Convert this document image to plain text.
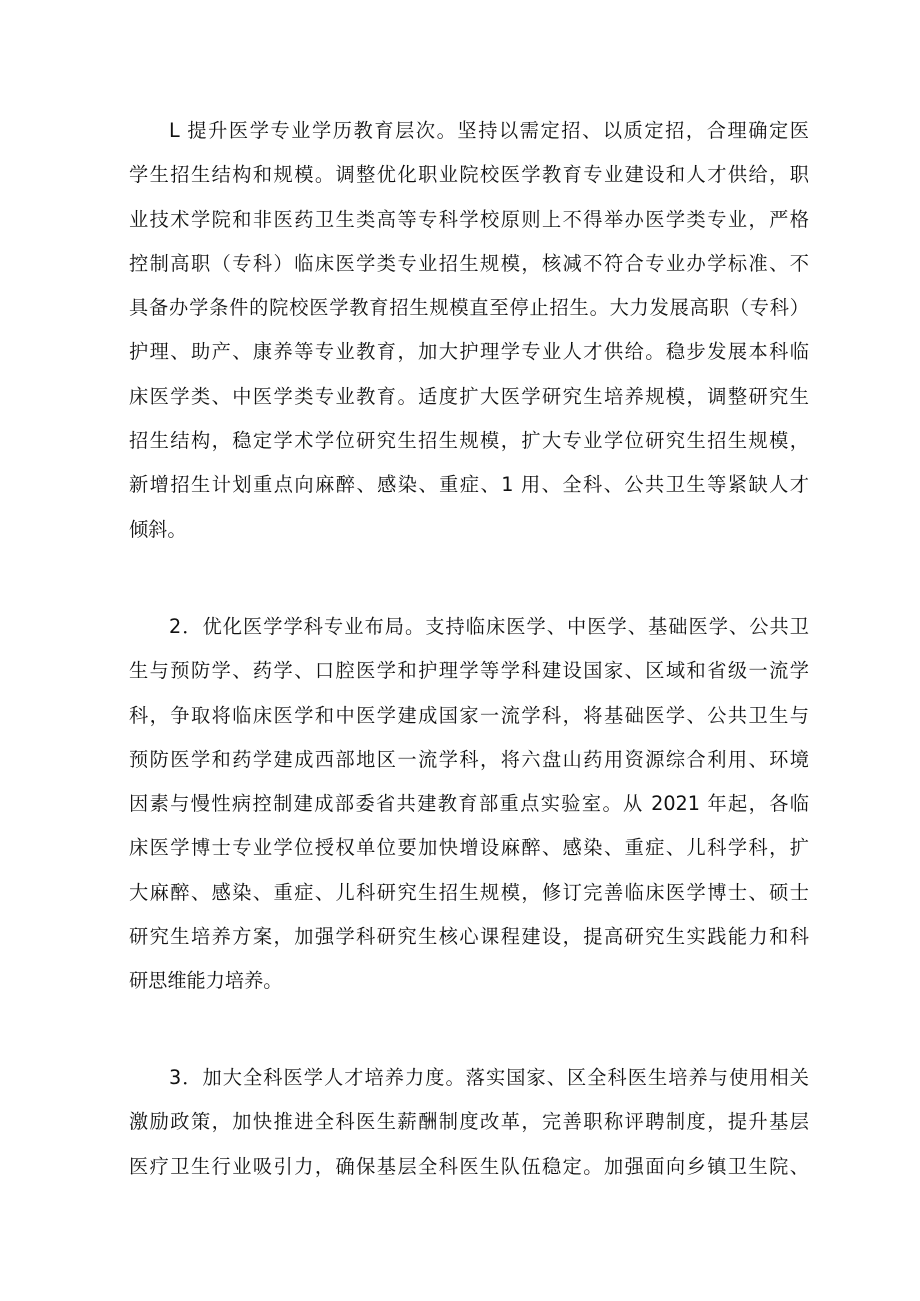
L 提升医学专业学历教育层次。坚持以需定招、以质定招，合理确定医
学生招生结构和规模。调整优化职业院校医学教育专业建设和人才供给，职
业技术学院和非医药卫生类高等专科学校原则上不得举办医学类专业，严格
控制高职（专科）临床医学类专业招生规模，核减不符合专业办学标准、不
具备办学条件的院校医学教育招生规模直至停止招生。大力发展高职（专科）
护理、助产、康养等专业教育，加大护理学专业人才供给。稳步发展本科临
床医学类、中医学类专业教育。适度扩大医学研究生培养规模，调整研究生
招生结构，稳定学术学位研究生招生规模，扩大专业学位研究生招生规模，
新增招生计划重点向麻醉、感染、重症、1 用、全科、公共卫生等紧缺人才
倾斜。
2．优化医学学科专业布局。支持临床医学、中医学、基础医学、公共卫
生与预防学、药学、口腔医学和护理学等学科建设国家、区域和省级一流学
科，争取将临床医学和中医学建成国家一流学科，将基础医学、公共卫生与
预防医学和药学建成西部地区一流学科，将六盘山药用资源综合利用、环境
因素与慢性病控制建成部委省共建教育部重点实验室。从 2021 年起，各临
床医学博士专业学位授权单位要加快增设麻醉、感染、重症、儿科学科，扩
大麻醉、感染、重症、儿科研究生招生规模，修订完善临床医学博士、硕士
研究生培养方案，加强学科研究生核心课程建设，提高研究生实践能力和科
研思维能力培养。
3．加大全科医学人才培养力度。落实国家、区全科医生培养与使用相关
激励政策，加快推进全科医生薪酬制度改革，完善职称评聘制度，提升基层
医疗卫生行业吸引力，确保基层全科医生队伍稳定。加强面向乡镇卫生院、
